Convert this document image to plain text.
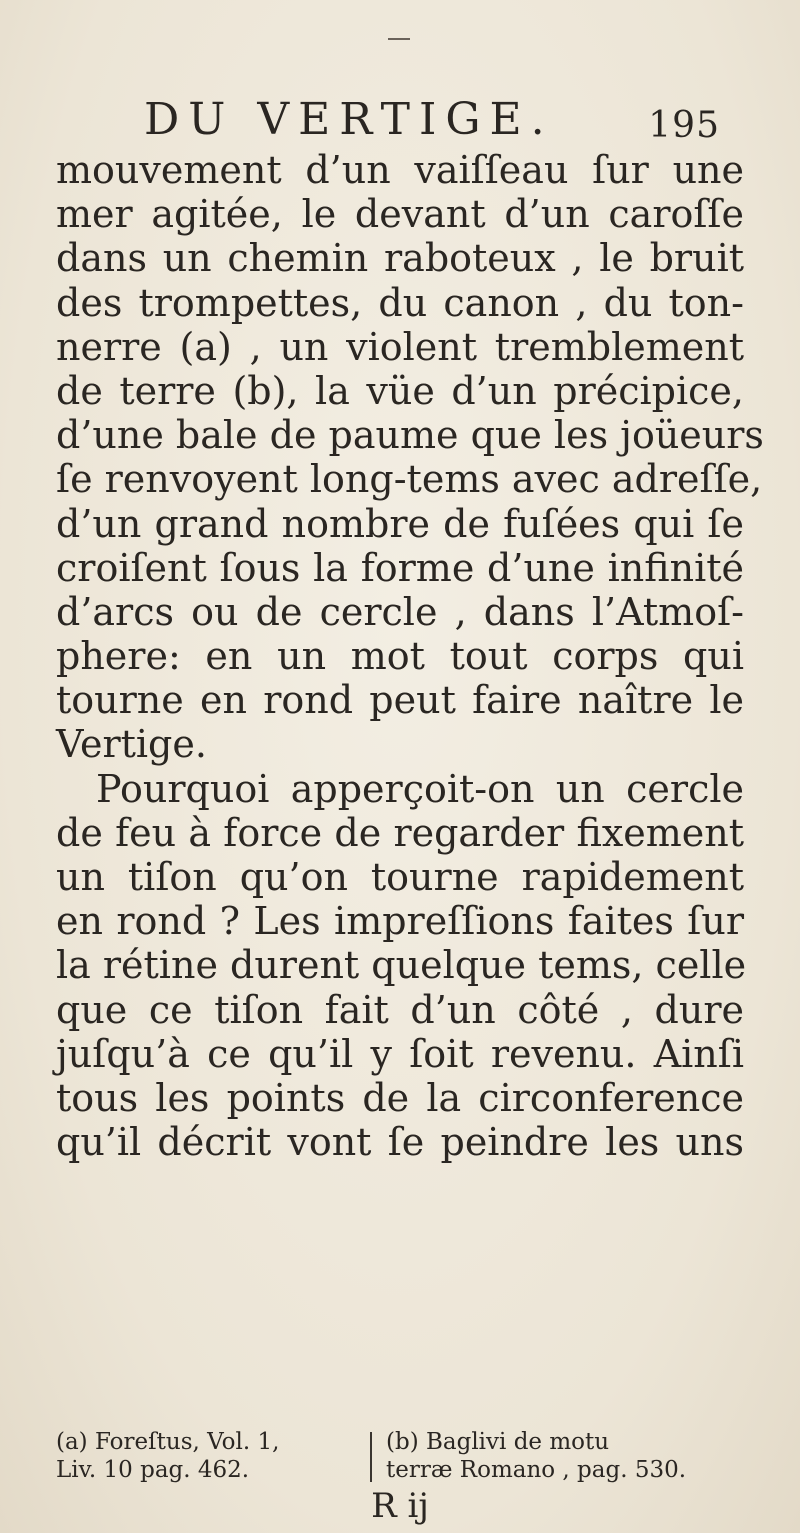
DU VERTIGE.	195
mouvement d’un vaiſſeau ſur une
mer agitée, le devant d’un caroſſe
dans un chemin raboteux , le bruit
des trompettes, du canon , du ton-
nerre (a) , un violent tremblement
de terre (b), la vüe d’un précipice,
d’une bale de paume que les joüeurs
ſe renvoyent long-tems avec adreſſe,
d’un grand nombre de fuſées qui ſe
croiſent ſous la forme d’une infinité
d’arcs ou de cercle , dans l’Atmoſ-
phere: en un mot tout corps qui
tourne en rond peut faire naître le
Vertige.
Pourquoi apperçoit-on un cercle
de feu à force de regarder fixement
un tiſon qu’on tourne rapidement
en rond ? Les impreſſions faites ſur
la rétine durent quelque tems, celle
que ce tiſon fait d’un côté , dure
juſqu’à ce qu’il y ſoit revenu. Ainſi
tous les points de la circonference
qu’il décrit vont ſe peindre les uns
(a) Foreſtus, Vol. 1,
Liv. 10 pag. 462.
(b) Baglivi de motu
terræ Romano , pag. 530.
R ij
